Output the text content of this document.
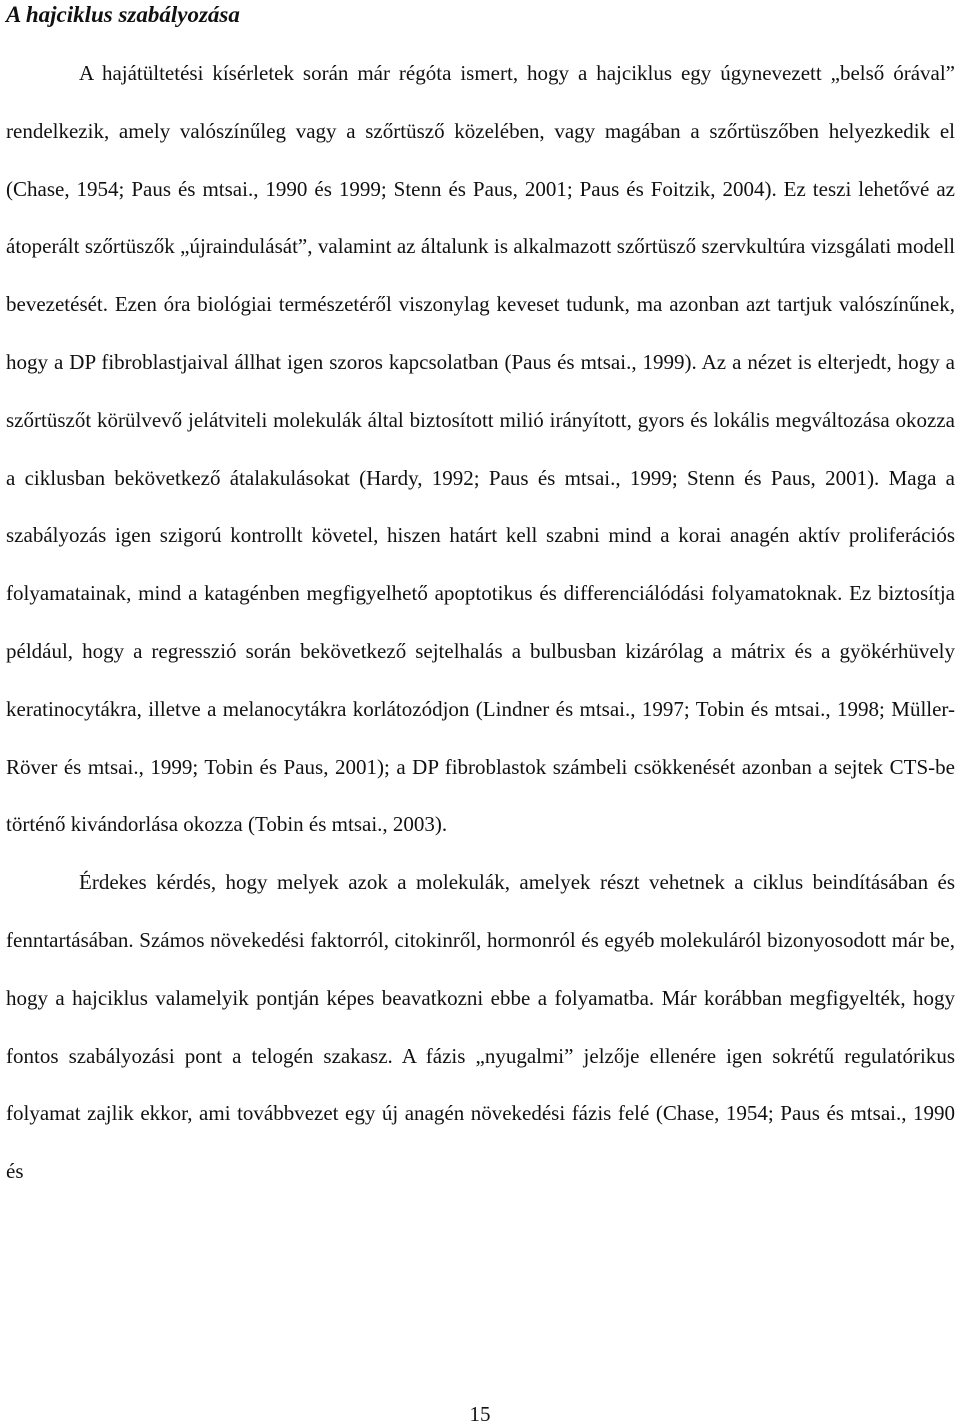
A hajciklus szabályozása

A hajátültetési kísérletek során már régóta ismert, hogy a hajciklus egy úgynevezett „belső órával” rendelkezik, amely valószínűleg vagy a szőrtüsző közelében, vagy magában a szőrtüszőben helyezkedik el (Chase, 1954; Paus és mtsai., 1990 és 1999; Stenn és Paus, 2001; Paus és Foitzik, 2004). Ez teszi lehetővé az átoperált szőrtüszők „újraindulását”, valamint az általunk is alkalmazott szőrtüsző szervkultúra vizsgálati modell bevezetését. Ezen óra biológiai természetéről viszonylag keveset tudunk, ma azonban azt tartjuk valószínűnek, hogy a DP fibroblastjaival állhat igen szoros kapcsolatban (Paus és mtsai., 1999). Az a nézet is elterjedt, hogy a szőrtüszőt körülvevő jelátviteli molekulák által biztosított milió irányított, gyors és lokális megváltozása okozza a ciklusban bekövetkező átalakulásokat (Hardy, 1992; Paus és mtsai., 1999; Stenn és Paus, 2001). Maga a szabályozás igen szigorú kontrollt követel, hiszen határt kell szabni mind a korai anagén aktív proliferációs folyamatainak, mind a katagénben megfigyelhető apoptotikus és differenciálódási folyamatoknak. Ez biztosítja például, hogy a regresszió során bekövetkező sejtelhalás a bulbusban kizárólag a mátrix és a gyökérhüvely keratinocytákra, illetve a melanocytákra korlátozódjon (Lindner és mtsai., 1997; Tobin és mtsai., 1998; Müller-Röver és mtsai., 1999; Tobin és Paus, 2001); a DP fibroblastok számbeli csökkenését azonban a sejtek CTS-be történő kivándorlása okozza (Tobin és mtsai., 2003).

Érdekes kérdés, hogy melyek azok a molekulák, amelyek részt vehetnek a ciklus beindításában és fenntartásában. Számos növekedési faktorról, citokinről, hormonról és egyéb molekuláról bizonyosodott már be, hogy a hajciklus valamelyik pontján képes beavatkozni ebbe a folyamatba. Már korábban megfigyelték, hogy fontos szabályozási pont a telogén szakasz. A fázis „nyugalmi” jelzője ellenére igen sokrétű regulatórikus folyamat zajlik ekkor, ami továbbvezet egy új anagén növekedési fázis felé (Chase, 1954; Paus és mtsai., 1990 és

15
